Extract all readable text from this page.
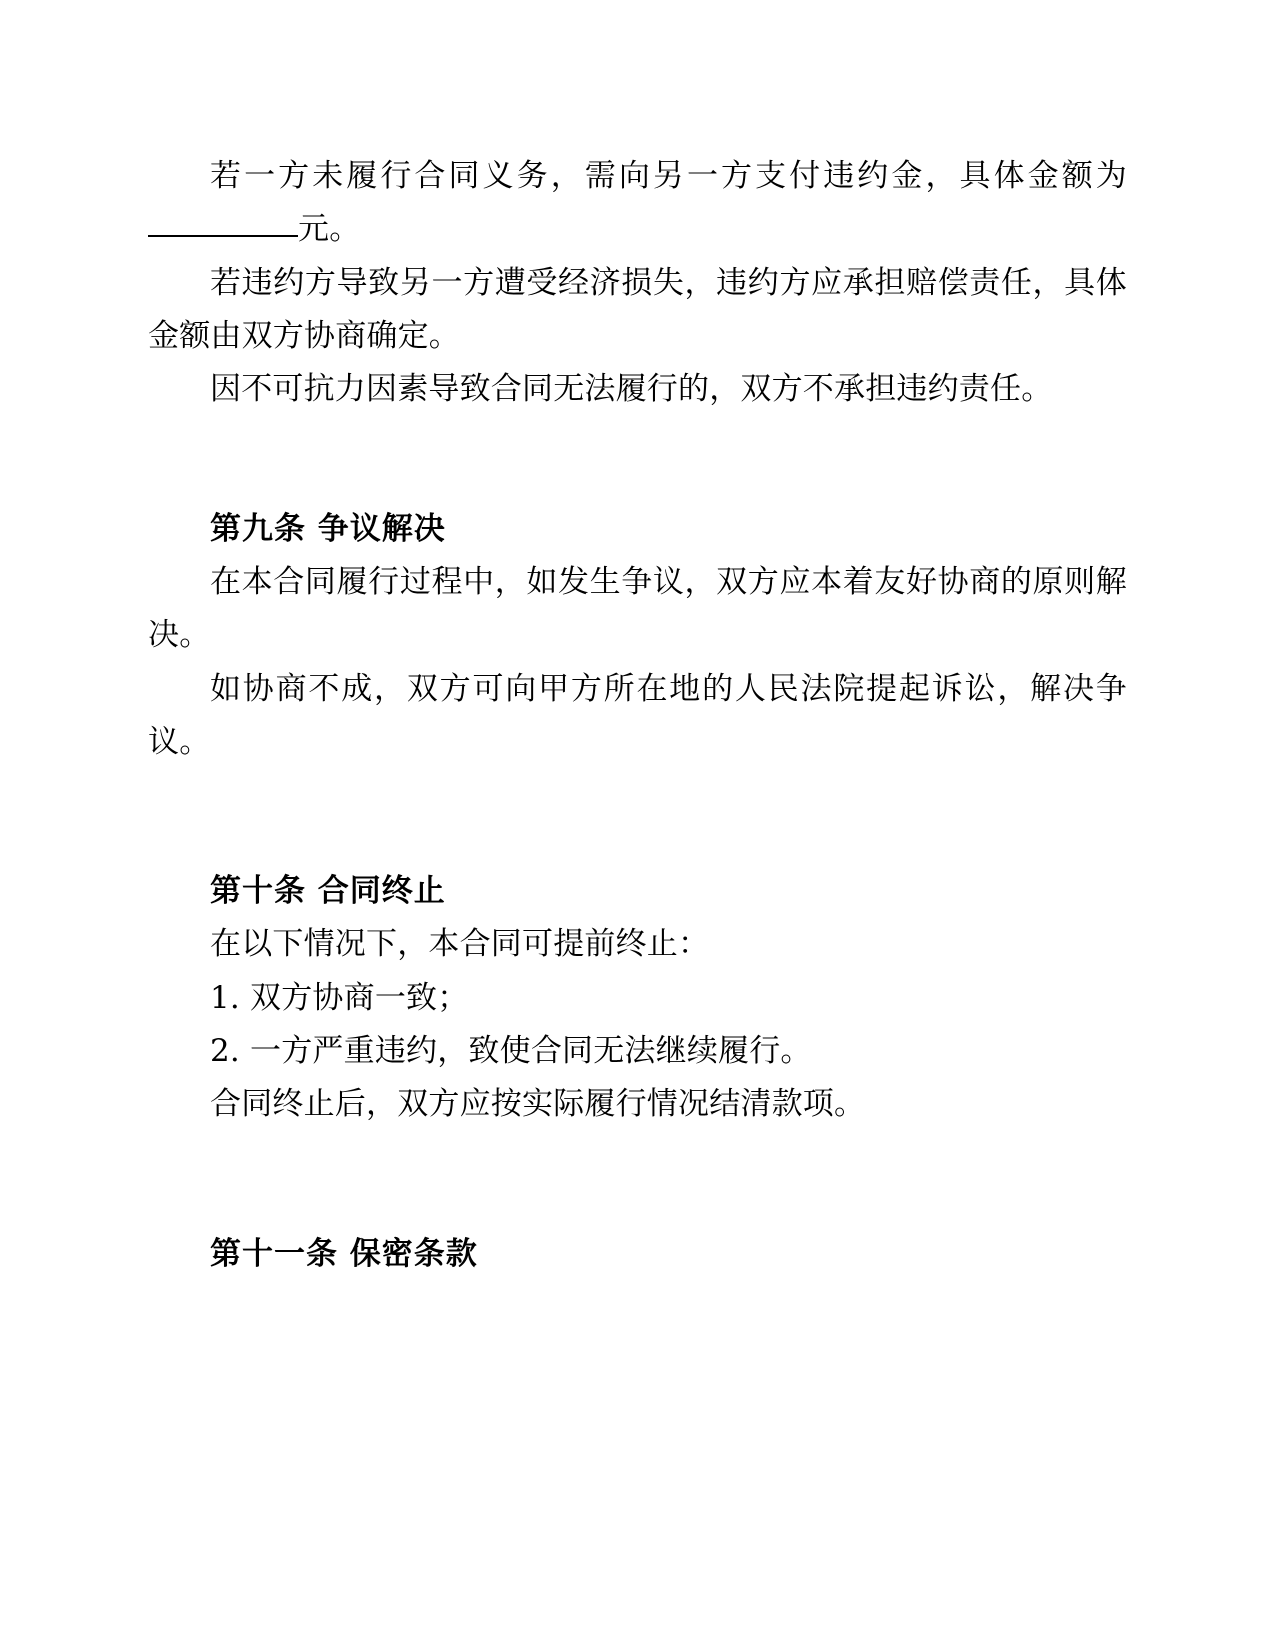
若一方未履行合同义务，需向另一方支付违约金，具体金额为元。

若违约方导致另一方遭受经济损失，违约方应承担赔偿责任，具体金额由双方协商确定。

因不可抗力因素导致合同无法履行的，双方不承担违约责任。

第九条 争议解决

在本合同履行过程中，如发生争议，双方应本着友好协商的原则解决。

如协商不成，双方可向甲方所在地的人民法院提起诉讼，解决争议。

第十条 合同终止

在以下情况下，本合同可提前终止：

1. 双方协商一致；

2. 一方严重违约，致使合同无法继续履行。

合同终止后，双方应按实际履行情况结清款项。

第十一条 保密条款
